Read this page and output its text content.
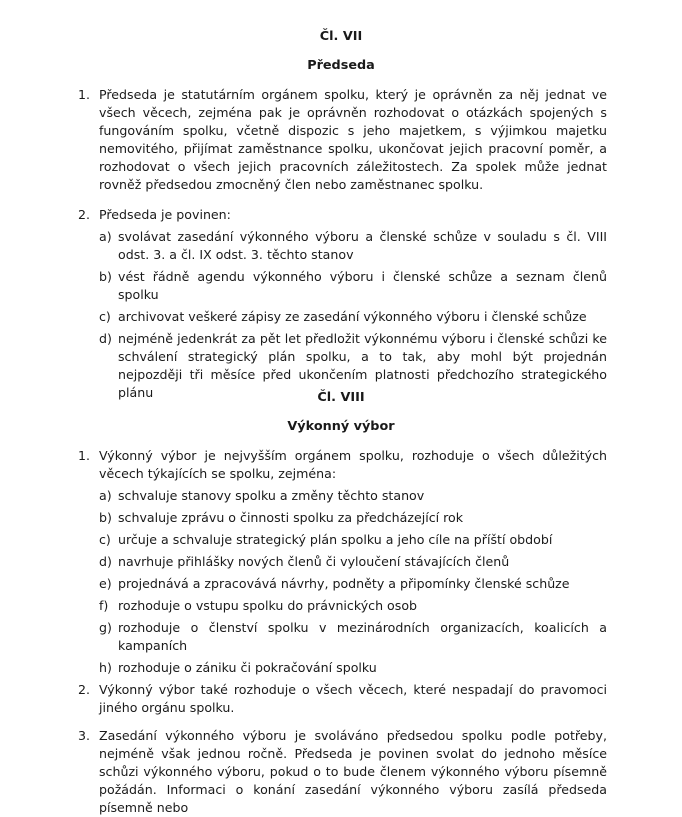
Čl. VII
Předseda
1. Předseda je statutárním orgánem spolku, který je oprávněn za něj jednat ve všech věcech, zejména pak je oprávněn rozhodovat o otázkách spojených s fungováním spolku, včetně dispozic s jeho majetkem, s výjimkou majetku nemovitého, přijímat zaměstnance spolku, ukončovat jejich pracovní poměr, a rozhodovat o všech jejich pracovních záležitostech. Za spolek může jednat rovněž předsedou zmocněný člen nebo zaměstnanec spolku.

2. Předseda je povinen:

a) svolávat zasedání výkonného výboru a členské schůze v souladu s čl. VIII odst. 3. a čl. IX odst. 3. těchto stanov
b) vést řádně agendu výkonného výboru i členské schůze a seznam členů spolku
c) archivovat veškeré zápisy ze zasedání výkonného výboru i členské schůze
d) nejméně jedenkrát za pět let předložit výkonnému výboru i členské schůzi ke schválení strategický plán spolku, a to tak, aby mohl být projednán nejpozději tři měsíce před ukončením platnosti předchozího strategického plánu	Čl. VIII
Výkonný výbor
1. Výkonný výbor je nejvyšším orgánem spolku, rozhoduje o všech důležitých věcech týkajících se spolku, zejména:

a) schvaluje stanovy spolku a změny těchto stanov
b) schvaluje zprávu o činnosti spolku za předcházející rok
c) určuje a schvaluje strategický plán spolku a jeho cíle na příští období
d) navrhuje přihlášky nových členů či vyloučení stávajících členů
e) projednává a zpracovává návrhy, podněty a připomínky členské schůze
f) rozhoduje o vstupu spolku do právnických osob
g) rozhoduje o členství spolku v mezinárodních organizacích, koalicích a kampaních
h) rozhoduje o zániku či pokračování spolku
2. Výkonný výbor také rozhoduje o všech věcech, které nespadají do pravomoci jiného orgánu spolku.

3. Zasedání výkonného výboru je svoláváno předsedou spolku podle potřeby, nejméně však jednou ročně. Předseda je povinen svolat do jednoho měsíce schůzi výkonného výboru, pokud o to bude členem výkonného výboru písemně požádán. Informaci o konání zasedání výkonného výboru zasílá předseda písemně nebo
